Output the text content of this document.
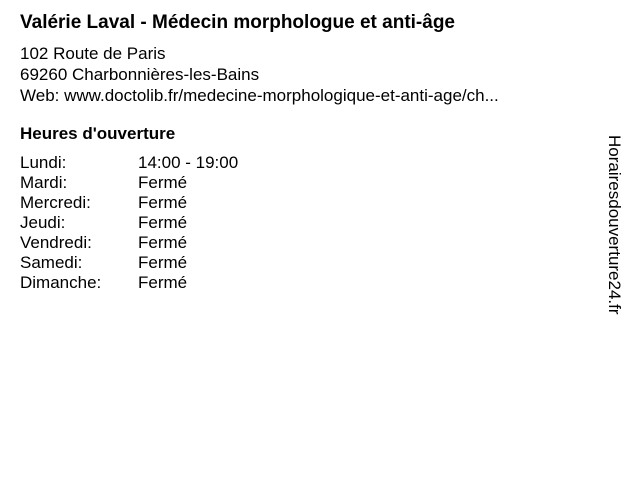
Valérie Laval - Médecin morphologue et anti-âge
102 Route de Paris
69260 Charbonnières-les-Bains
Web: www.doctolib.fr/medecine-morphologique-et-anti-age/ch...
Heures d'ouverture
Lundi:	14:00 - 19:00
Mardi:	Fermé
Mercredi:	Fermé
Jeudi:	Fermé
Vendredi:	Fermé
Samedi:	Fermé
Dimanche:	Fermé	Horairesdouverture24.fr
